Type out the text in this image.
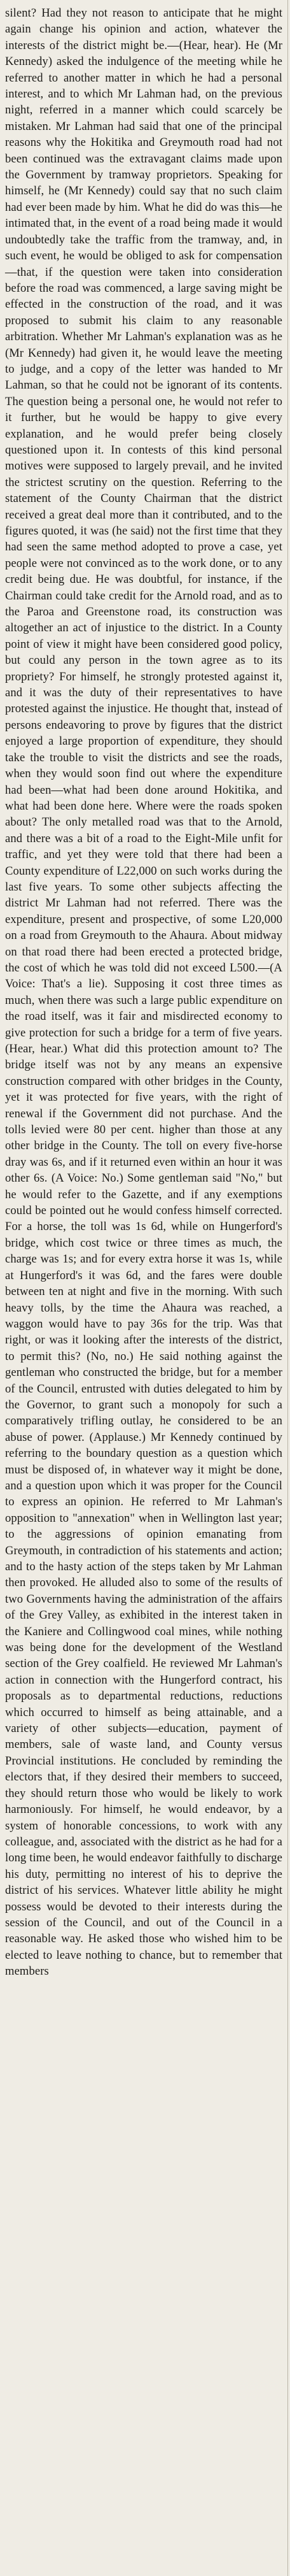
silent? Had they not reason to anticipate that he might again change his opinion and action, whatever the interests of the district might be.—(Hear, hear). He (Mr Kennedy) asked the indulgence of the meeting while he referred to another matter in which he had a personal interest, and to which Mr Lahman had, on the previous night, referred in a manner which could scarcely be mistaken. Mr Lahman had said that one of the principal reasons why the Hokitika and Greymouth road had not been continued was the extravagant claims made upon the Government by tramway proprietors. Speaking for himself, he (Mr Kennedy) could say that no such claim had ever been made by him. What he did do was this—he intimated that, in the event of a road being made it would undoubtedly take the traffic from the tramway, and, in such event, he would be obliged to ask for compensation—that, if the question were taken into consideration before the road was commenced, a large saving might be effected in the construction of the road, and it was proposed to submit his claim to any reasonable arbitration. Whether Mr Lahman's explanation was as he (Mr Kennedy) had given it, he would leave the meeting to judge, and a copy of the letter was handed to Mr Lahman, so that he could not be ignorant of its contents. The question being a personal one, he would not refer to it further, but he would be happy to give every explanation, and he would prefer being closely questioned upon it. In contests of this kind personal motives were supposed to largely prevail, and he invited the strictest scrutiny on the question. Referring to the statement of the County Chairman that the district received a great deal more than it contributed, and to the figures quoted, it was (he said) not the first time that they had seen the same method adopted to prove a case, yet people were not convinced as to the work done, or to any credit being due. He was doubtful, for instance, if the Chairman could take credit for the Arnold road, and as to the Paroa and Greenstone road, its construction was altogether an act of injustice to the district. In a County point of view it might have been considered good policy, but could any person in the town agree as to its propriety? For himself, he strongly protested against it, and it was the duty of their representatives to have protested against the injustice. He thought that, instead of persons endeavoring to prove by figures that the district enjoyed a large proportion of expenditure, they should take the trouble to visit the districts and see the roads, when they would soon find out where the expenditure had been—what had been done around Hokitika, and what had been done here. Where were the roads spoken about? The only metalled road was that to the Arnold, and there was a bit of a road to the Eight-Mile unfit for traffic, and yet they were told that there had been a County expenditure of L22,000 on such works during the last five years. To some other subjects affecting the district Mr Lahman had not referred. There was the expenditure, present and prospective, of some L20,000 on a road from Greymouth to the Ahaura. About midway on that road there had been erected a protected bridge, the cost of which he was told did not exceed L500.—(A Voice: That's a lie). Supposing it cost three times as much, when there was such a large public expenditure on the road itself, was it fair and misdirected economy to give protection for such a bridge for a term of five years. (Hear, hear.) What did this protection amount to? The bridge itself was not by any means an expensive construction compared with other bridges in the County, yet it was protected for five years, with the right of renewal if the Government did not purchase. And the tolls levied were 80 per cent. higher than those at any other bridge in the County. The toll on every five-horse dray was 6s, and if it returned even within an hour it was other 6s. (A Voice: No.) Some gentleman said "No," but he would refer to the Gazette, and if any exemptions could be pointed out he would confess himself corrected. For a horse, the toll was 1s 6d, while on Hungerford's bridge, which cost twice or three times as much, the charge was 1s; and for every extra horse it was 1s, while at Hungerford's it was 6d, and the fares were double between ten at night and five in the morning. With such heavy tolls, by the time the Ahaura was reached, a waggon would have to pay 36s for the trip. Was that right, or was it looking after the interests of the district, to permit this? (No, no.) He said nothing against the gentleman who constructed the bridge, but for a member of the Council, entrusted with duties delegated to him by the Governor, to grant such a monopoly for such a comparatively trifling outlay, he considered to be an abuse of power. (Applause.) Mr Kennedy continued by referring to the boundary question as a question which must be disposed of, in whatever way it might be done, and a question upon which it was proper for the Council to express an opinion. He referred to Mr Lahman's opposition to "annexation" when in Wellington last year; to the aggressions of opinion emanating from Greymouth, in contradiction of his statements and action; and to the hasty action of the steps taken by Mr Lahman then provoked. He alluded also to some of the results of two Governments having the administration of the affairs of the Grey Valley, as exhibited in the interest taken in the Kaniere and Collingwood coal mines, while nothing was being done for the development of the Westland section of the Grey coalfield. He reviewed Mr Lahman's action in connection with the Hungerford contract, his proposals as to departmental reductions, reductions which occurred to himself as being attainable, and a variety of other subjects—education, payment of members, sale of waste land, and County versus Provincial institutions. He concluded by reminding the electors that, if they desired their members to succeed, they should return those who would be likely to work harmoniously. For himself, he would endeavor, by a system of honorable concessions, to work with any colleague, and, associated with the district as he had for a long time been, he would endeavor faithfully to discharge his duty, permitting no interest of his to deprive the district of his services. Whatever little ability he might possess would be devoted to their interests during the session of the Council, and out of the Council in a reasonable way. He asked those who wished him to be elected to leave nothing to chance, but to remember that members
